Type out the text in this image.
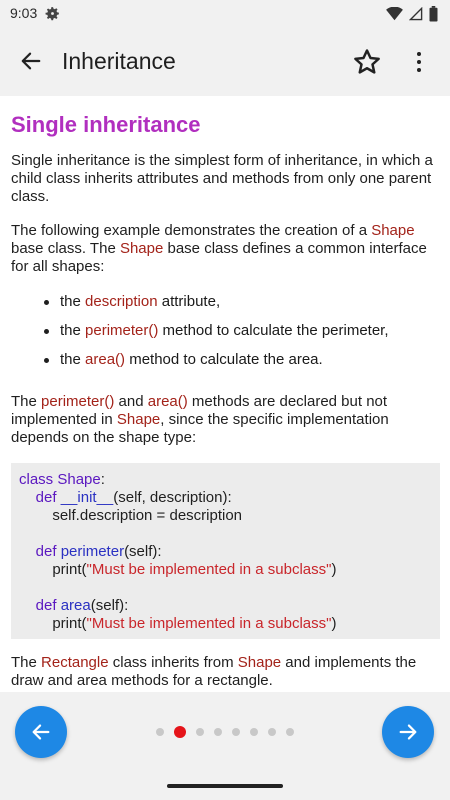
9:03
Inheritance
Single inheritance

Single inheritance is the simplest form of inheritance, in which a child class inherits attributes and methods from only one parent class.

The following example demonstrates the creation of a Shape base class. The Shape base class defines a common interface for all shapes:

the description attribute,
the perimeter() method to calculate the perimeter,
the area() method to calculate the area.

The perimeter() and area() methods are declared but not implemented in Shape, since the specific implementation depends on the shape type:

class Shape:
def __init__(self, description):
self.description = description

def perimeter(self):
print("Must be implemented in a subclass")

def area(self):
print("Must be implemented in a subclass")

The Rectangle class inherits from Shape and implements the draw and area methods for a rectangle.
